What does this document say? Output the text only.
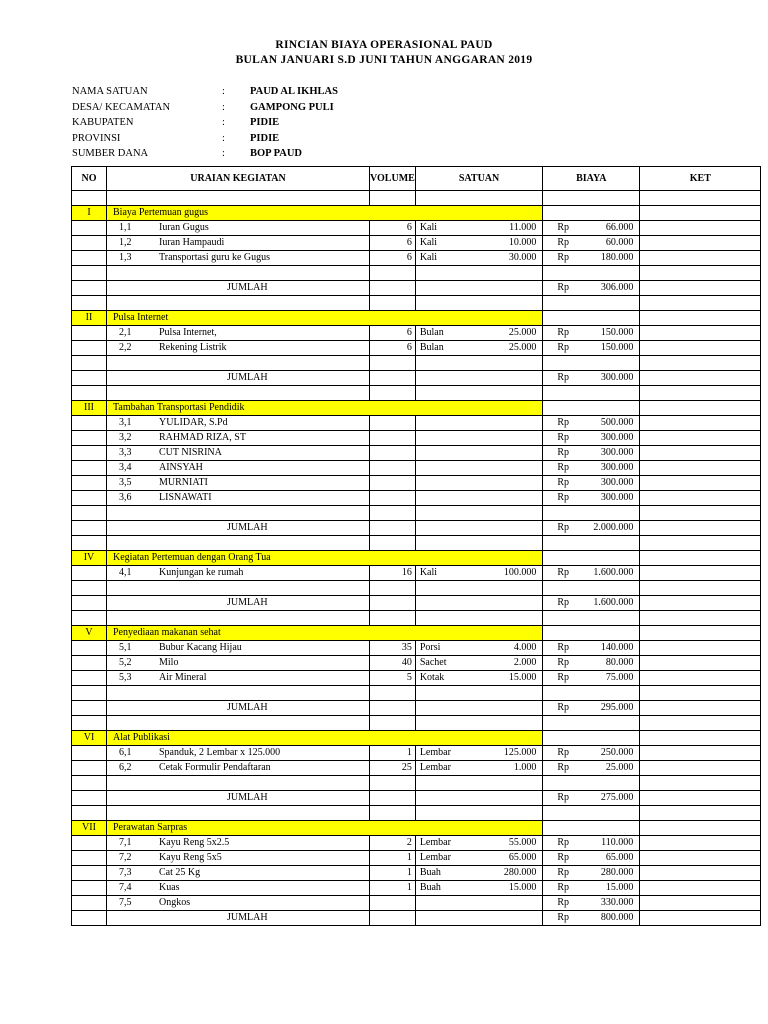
RINCIAN BIAYA OPERASIONAL PAUD
BULAN JANUARI S.D JUNI TAHUN ANGGARAN 2019
NAMA SATUAN	:	PAUD AL IKHLAS
DESA/ KECAMATAN	:	GAMPONG PULI
KABUPATEN	:	PIDIE
PROVINSI	:	PIDIE
SUMBER DANA	:	BOP PAUD
NO	URAIAN KEGIATAN	VOLUME	SATUAN		BIAYA	KET

I	Biaya Pertemuan gugus					
	1,1 Iuran Gugus	6	Kali	11.000	Rp 66.000	

	1,2 Iuran Hampaudi	6	Kali	10.000	Rp 60.000	

	1,3 Transportasi guru ke Gugus	6	Kali	30.000	Rp 180.000	

	JUMLAH				Rp 306.000	

II	Pulsa Internet					
	2,1 Pulsa Internet,	6	Bulan	25.000	Rp 150.000	

	2,2 Rekening Listrik	6	Bulan	25.000	Rp 150.000	

	JUMLAH				Rp 300.000	

III	Tambahan Transportasi Pendidik					
	3,1 YULIDAR, S.Pd				Rp 500.000	

	3,2 RAHMAD RIZA, ST				Rp 300.000	

	3,3 CUT NISRINA				Rp 300.000	

	3,4 AINSYAH				Rp 300.000	

	3,5 MURNIATI				Rp 300.000	

	3,6 LISNAWATI				Rp 300.000	

	JUMLAH				Rp 2.000.000	

IV	Kegiatan Pertemuan dengan Orang Tua					
	4,1 Kunjungan ke rumah	16	Kali	100.000	Rp 1.600.000	

	JUMLAH				Rp 1.600.000	

V	Penyediaan makanan sehat					
	5,1 Bubur Kacang Hijau	35	Porsi	4.000	Rp 140.000	

	5,2 Milo	40	Sachet	2.000	Rp 80.000	

	5,3 Air Mineral	5	Kotak	15.000	Rp 75.000	

	JUMLAH				Rp 295.000	

VI	Alat Publikasi					
	6,1 Spanduk, 2 Lembar x 125.000	1	Lembar	125.000	Rp 250.000	

	6,2 Cetak Formulir Pendaftaran	25	Lembar	1.000	Rp 25.000	

	JUMLAH				Rp 275.000	

VII	Perawatan Sarpras					
	7,1 Kayu Reng 5x2.5	2	Lembar	55.000	Rp 110.000	

	7,2 Kayu Reng 5x5	1	Lembar	65.000	Rp 65.000	

	7,3 Cat 25 Kg	1	Buah	280.000	Rp 280.000	

	7,4 Kuas	1	Buah	15.000	Rp 15.000	

	7,5 Ongkos				Rp 330.000	

	JUMLAH				Rp 800.000	
